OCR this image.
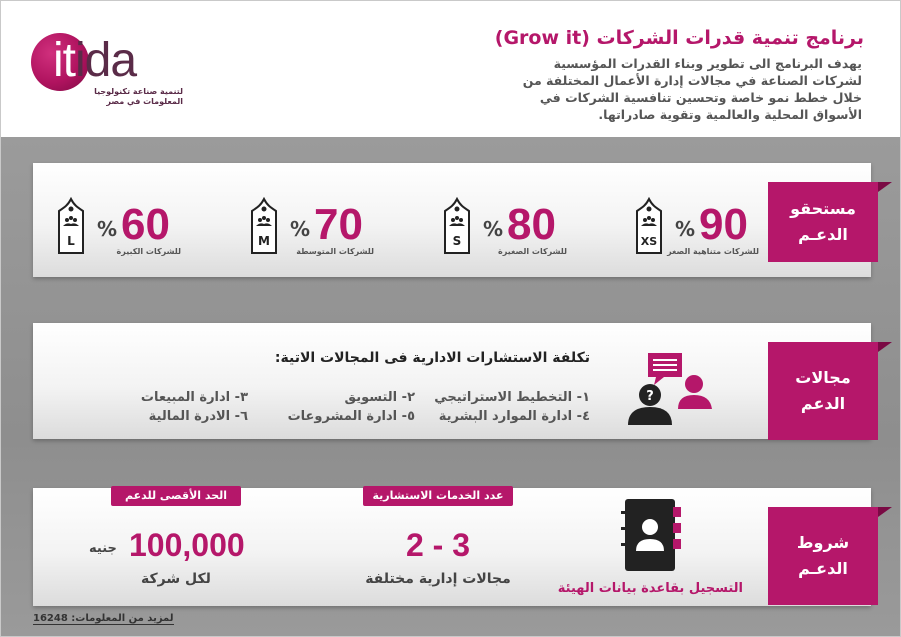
itida
لتنمية صناعة تكنولوجيا
المعلومات في مصر
برنامج تنمية قدرات الشركات (Grow it)
يهدف البرنامج الى تطوير وبناء القدرات المؤسسية لشركات الصناعة في مجالات إدارة الأعمال المختلفة من خلال خطط نمو خاصة وتحسين تنافسية الشركات في الأسواق المحلية والعالمية وتقوية صادراتها.
مستحقو
الدعـم
XS
% 90
للشركات متناهية الصغر
S % 80
للشركات الصغيرة
M % 70
للشركات المتوسطة
L % 60
للشركات الكبيرة
مجالات
الدعم
?
تكلفة الاستشارات الادارية فى المجالات الاتية:
١- التخطيط الاستراتيجي
٢- التسويق
٣- ادارة المبيعات
٤- ادارة الموارد البشرية
٥- ادارة المشروعات
٦- الادرة المالية
شروط
الدعـم
التسجيل بقاعدة بيانات الهيئة
عدد الخدمات الاستشارية
2 - 3
مجالات إدارية مختلفة
الحد الأقصى للدعم
100,000
جنيه
لكل شركة
لمزيد من المعلومات: 16248
